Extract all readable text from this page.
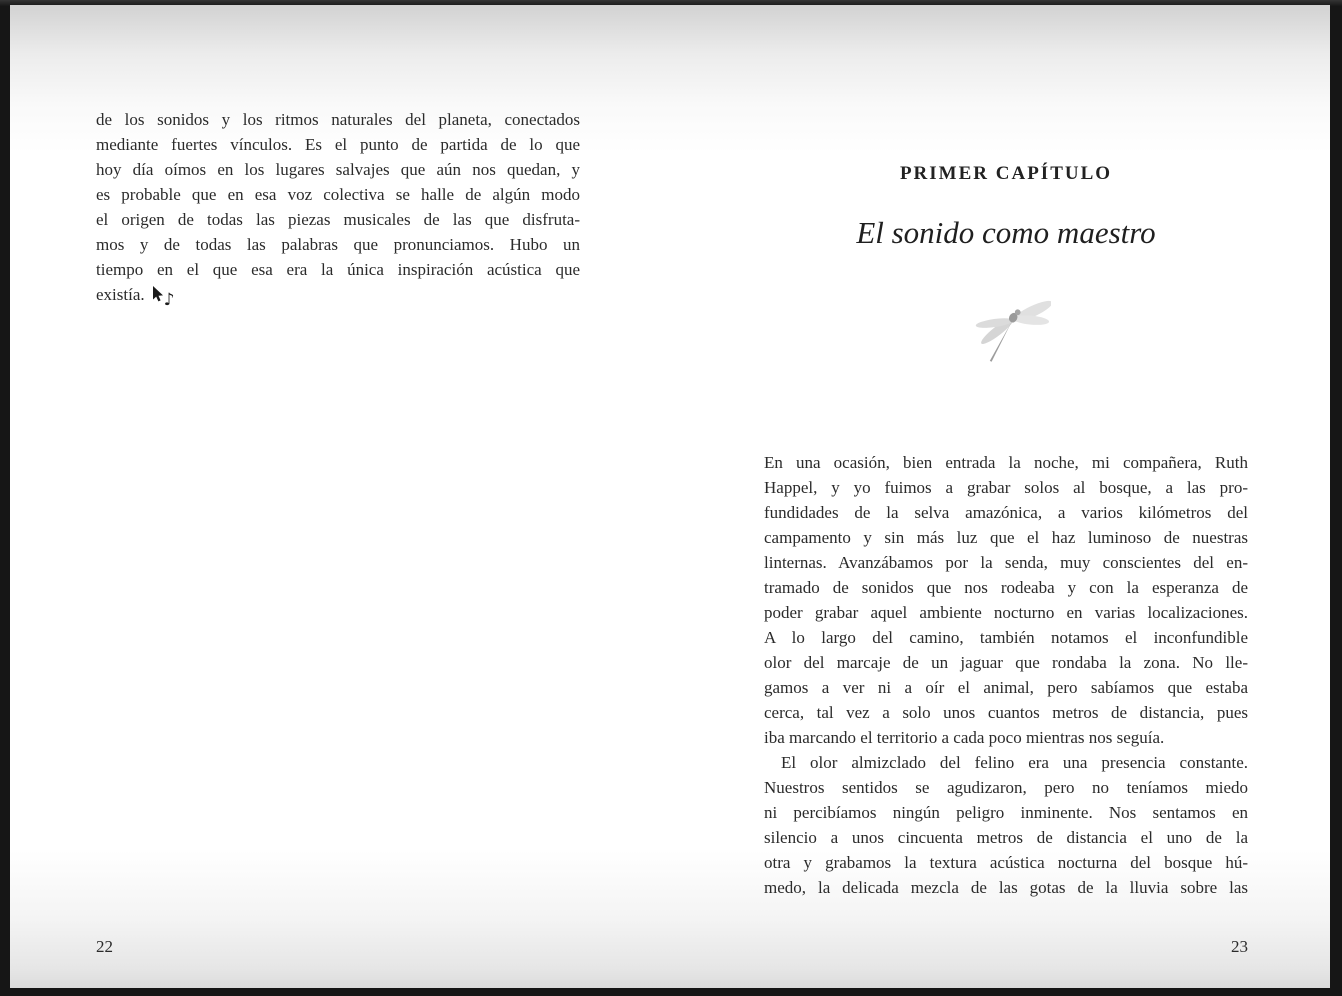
de los sonidos y los ritmos naturales del planeta, conectados
mediante fuertes vínculos. Es el punto de partida de lo que
hoy día oímos en los lugares salvajes que aún nos quedan, y
es probable que en esa voz colectiva se halle de algún modo
el origen de todas las piezas musicales de las que disfruta-
mos y de todas las palabras que pronunciamos. Hubo un
tiempo en el que esa era la única inspiración acústica que
existía. ♪
22
PRIMER CAPÍTULO
El sonido como maestro
En una ocasión, bien entrada la noche, mi compañera, Ruth
Happel, y yo fuimos a grabar solos al bosque, a las pro-
fundidades de la selva amazónica, a varios kilómetros del
campamento y sin más luz que el haz luminoso de nuestras
linternas. Avanzábamos por la senda, muy conscientes del en-
tramado de sonidos que nos rodeaba y con la esperanza de
poder grabar aquel ambiente nocturno en varias localizaciones.
A lo largo del camino, también notamos el inconfundible
olor del marcaje de un jaguar que rondaba la zona. No lle-
gamos a ver ni a oír el animal, pero sabíamos que estaba
cerca, tal vez a solo unos cuantos metros de distancia, pues
iba marcando el territorio a cada poco mientras nos seguía.
El olor almizclado del felino era una presencia constante.
Nuestros sentidos se agudizaron, pero no teníamos miedo
ni percibíamos ningún peligro inminente. Nos sentamos en
silencio a unos cincuenta metros de distancia el uno de la
otra y grabamos la textura acústica nocturna del bosque hú-
medo, la delicada mezcla de las gotas de la lluvia sobre las
23
